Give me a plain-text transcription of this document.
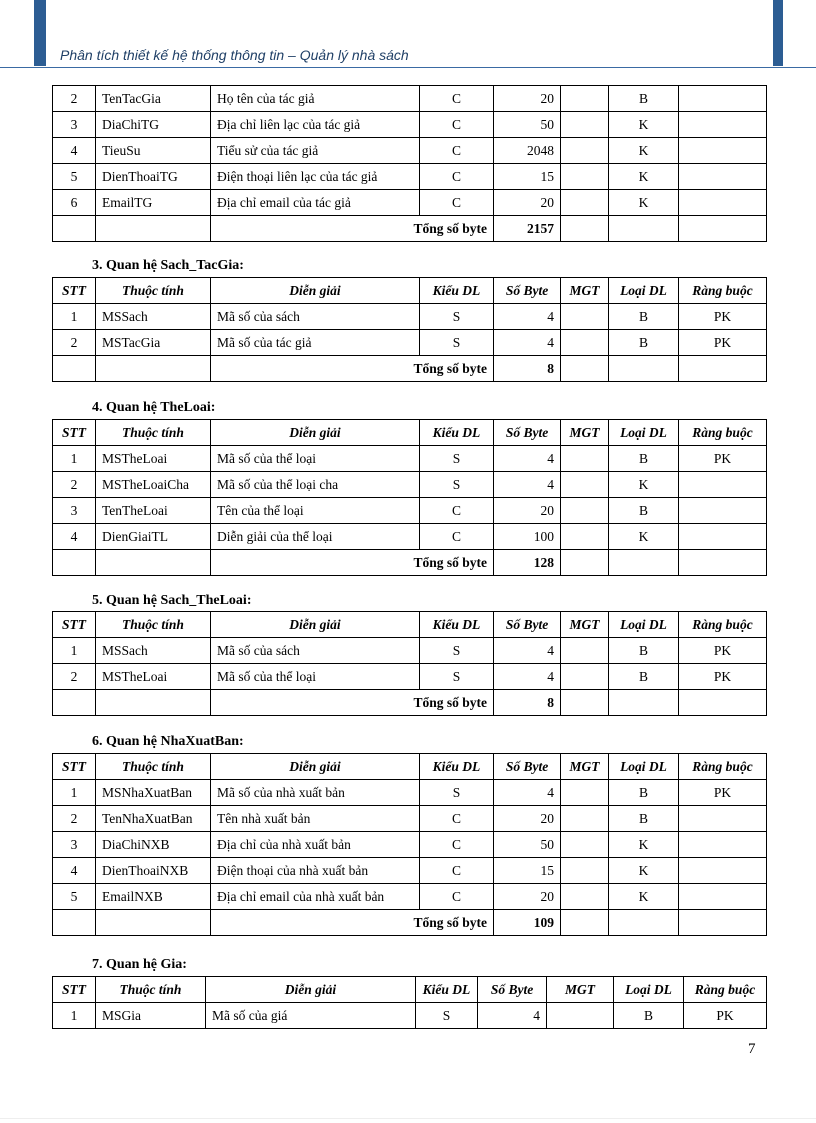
Phân tích thiết kế hệ thống thông tin – Quản lý nhà sách
2	TenTacGia	Họ tên của tác giả	C	20		B	
3	DiaChiTG	Địa chỉ liên lạc của tác giả	C	50		K	
4	TieuSu	Tiểu sử của tác giả	C	2048		K	
5	DienThoaiTG	Điện thoại liên lạc của tác giả	C	15		K	
6	EmailTG	Địa chỉ email của tác giả	C	20		K	
		Tổng số byte		2157			
3. Quan hệ Sach_TacGia:
STT	Thuộc tính	Diễn giải	Kiểu DL	Số Byte	MGT	Loại DL	Ràng buộc
1	MSSach	Mã số của sách	S	4		B	PK
2	MSTacGia	Mã số của tác giả	S	4		B	PK
		Tổng số byte		8			
4. Quan hệ TheLoai:
STT	Thuộc tính	Diễn giải	Kiểu DL	Số Byte	MGT	Loại DL	Ràng buộc
1	MSTheLoai	Mã số của thể loại	S	4		B	PK
2	MSTheLoaiCha	Mã số của thể loại cha	S	4		K	
3	TenTheLoai	Tên của thể loại	C	20		B	
4	DienGiaiTL	Diễn giải của thể loại	C	100		K	
		Tổng số byte		128			
5. Quan hệ Sach_TheLoai:
STT	Thuộc tính	Diễn giải	Kiểu DL	Số Byte	MGT	Loại DL	Ràng buộc
1	MSSach	Mã số của sách	S	4		B	PK
2	MSTheLoai	Mã số của thể loại	S	4		B	PK
		Tổng số byte		8			
6. Quan hệ NhaXuatBan:
STT	Thuộc tính	Diễn giải	Kiểu DL	Số Byte	MGT	Loại DL	Ràng buộc
1	MSNhaXuatBan	Mã số của nhà xuất bản	S	4		B	PK
2	TenNhaXuatBan	Tên nhà xuất bản	C	20		B	
3	DiaChiNXB	Địa chỉ của nhà xuất bản	C	50		K	
4	DienThoaiNXB	Điện thoại của nhà xuất bản	C	15		K	
5	EmailNXB	Địa chỉ email của nhà xuất bản	C	20		K	
		Tổng số byte		109			
7. Quan hệ Gia:
STT	Thuộc tính	Diễn giải	Kiểu DL	Số Byte	MGT	Loại DL	Ràng buộc
1	MSGia	Mã số của giá	S	4		B	PK
7
